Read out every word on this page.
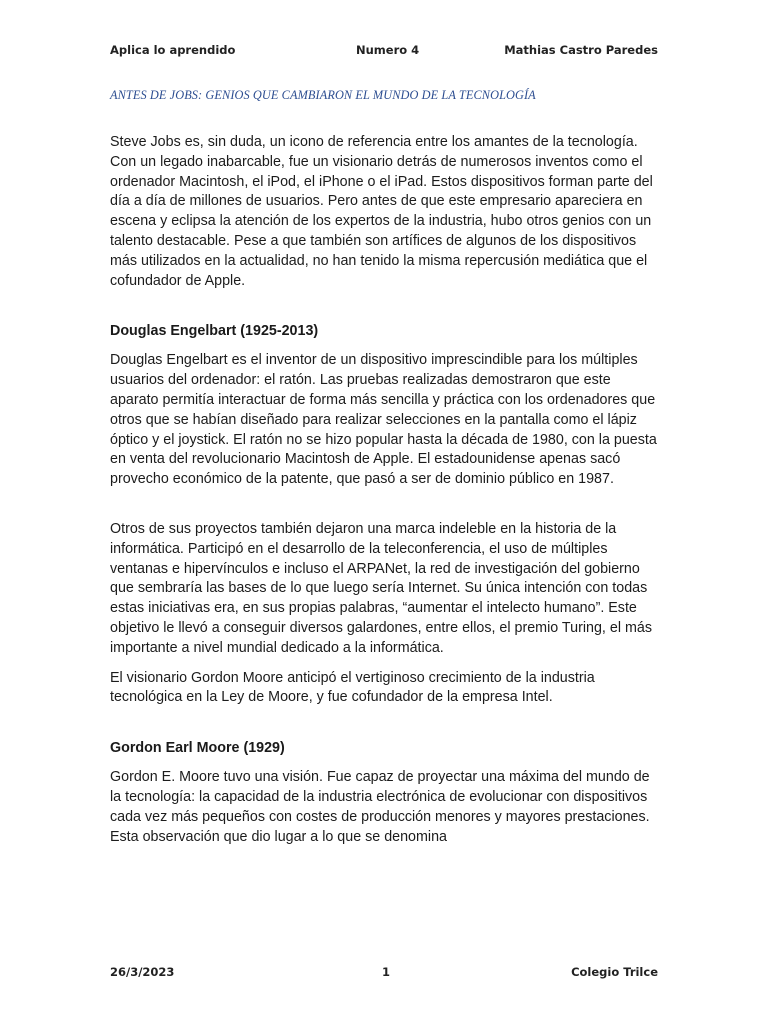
Aplica lo aprendido	Numero 4	Mathias Castro Paredes
ANTES DE JOBS: GENIOS QUE CAMBIARON EL MUNDO DE LA TECNOLOGÍA

Steve Jobs es, sin duda, un icono de referencia entre los amantes de la tecnología. Con un legado inabarcable, fue un visionario detrás de numerosos inventos como el ordenador Macintosh, el iPod, el iPhone o el iPad. Estos dispositivos forman parte del día a día de millones de usuarios. Pero antes de que este empresario apareciera en escena y eclipsa la atención de los expertos de la industria, hubo otros genios con un talento destacable. Pese a que también son artífices de algunos de los dispositivos más utilizados en la actualidad, no han tenido la misma repercusión mediática que el cofundador de Apple.

Douglas Engelbart (1925-2013)

Douglas Engelbart es el inventor de un dispositivo imprescindible para los múltiples usuarios del ordenador: el ratón. Las pruebas realizadas demostraron que este aparato permitía interactuar de forma más sencilla y práctica con los ordenadores que otros que se habían diseñado para realizar selecciones en la pantalla como el lápiz óptico y el joystick. El ratón no se hizo popular hasta la década de 1980, con la puesta en venta del revolucionario Macintosh de Apple. El estadounidense apenas sacó provecho económico de la patente, que pasó a ser de dominio público en 1987.

Otros de sus proyectos también dejaron una marca indeleble en la historia de la informática. Participó en el desarrollo de la teleconferencia, el uso de múltiples ventanas e hipervínculos e incluso el ARPANet, la red de investigación del gobierno que sembraría las bases de lo que luego sería Internet. Su única intención con todas estas iniciativas era, en sus propias palabras, “aumentar el intelecto humano”. Este objetivo le llevó a conseguir diversos galardones, entre ellos, el premio Turing, el más importante a nivel mundial dedicado a la informática.

El visionario Gordon Moore anticipó el vertiginoso crecimiento de la industria tecnológica en la Ley de Moore, y fue cofundador de la empresa Intel.

Gordon Earl Moore (1929)

Gordon E. Moore tuvo una visión. Fue capaz de proyectar una máxima del mundo de la tecnología: la capacidad de la industria electrónica de evolucionar con dispositivos cada vez más pequeños con costes de producción menores y mayores prestaciones. Esta observación que dio lugar a lo que se denomina

26/3/2023	1	Colegio Trilce
